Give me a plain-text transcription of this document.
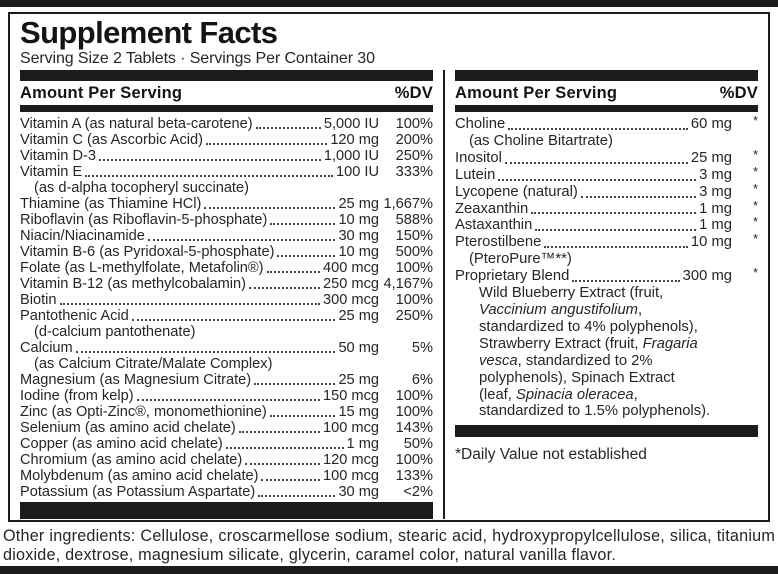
Supplement Facts
Serving Size 2 Tablets · Servings Per Container 30
Amount Per Serving	%DV
Vitamin A (as natural beta-carotene)	5,000 IU	100%
Vitamin C (as Ascorbic Acid)	120 mg	200%
Vitamin D-3	1,000 IU	250%
Vitamin E	100 IU	333%
(as d-alpha tocopheryl succinate)
Thiamine (as Thiamine HCl)	25 mg 1,667%
Riboflavin (as Riboflavin-5-phosphate)	10 mg	588%
Niacin/Niacinamide	30 mg	150%
Vitamin B-6 (as Pyridoxal-5-phosphate)	10 mg	500%
Folate (as L-methylfolate, Metafolin®)	400 mcg	100%
Vitamin B-12 (as methylcobalamin)	250 mcg 4,167%
Biotin	300 mcg	100%
Pantothenic Acid	25 mg	250%
(d-calcium pantothenate)
Calcium	50 mg	5%
(as Calcium Citrate/Malate Complex)
Magnesium (as Magnesium Citrate)	25 mg	6%
Iodine (from kelp)	150 mcg	100%
Zinc (as Opti-Zinc®, monomethionine)	15 mg	100%
Selenium (as amino acid chelate)	100 mcg	143%
Copper (as amino acid chelate)	1 mg	50%
Chromium (as amino acid chelate)	120 mcg	100%
Molybdenum (as amino acid chelate)	100 mcg	133%
Potassium (as Potassium Aspartate)	30 mg	<2%
Amount Per Serving	%DV
Choline	60 mg	*
(as Choline Bitartrate)
Inositol	25 mg	*
Lutein	3 mg	*
Lycopene (natural)	3 mg	*
Zeaxanthin	1 mg	*
Astaxanthin	1 mg	*
Pterostilbene	10 mg	*
(PteroPure™**)
Proprietary Blend	300 mg	*
Wild Blueberry Extract (fruit,
Vaccinium angustifolium,
standardized to 4% polyphenols),
Strawberry Extract (fruit, Fragaria
vesca, standardized to 2%
polyphenols), Spinach Extract
(leaf, Spinacia oleracea,
standardized to 1.5% polyphenols).
*Daily Value not established

Other ingredients: Cellulose, croscarmellose sodium, stearic acid, hydroxypropylcellulose, silica, titanium dioxide, dextrose, magnesium silicate, glycerin, caramel color, natural vanilla flavor.
